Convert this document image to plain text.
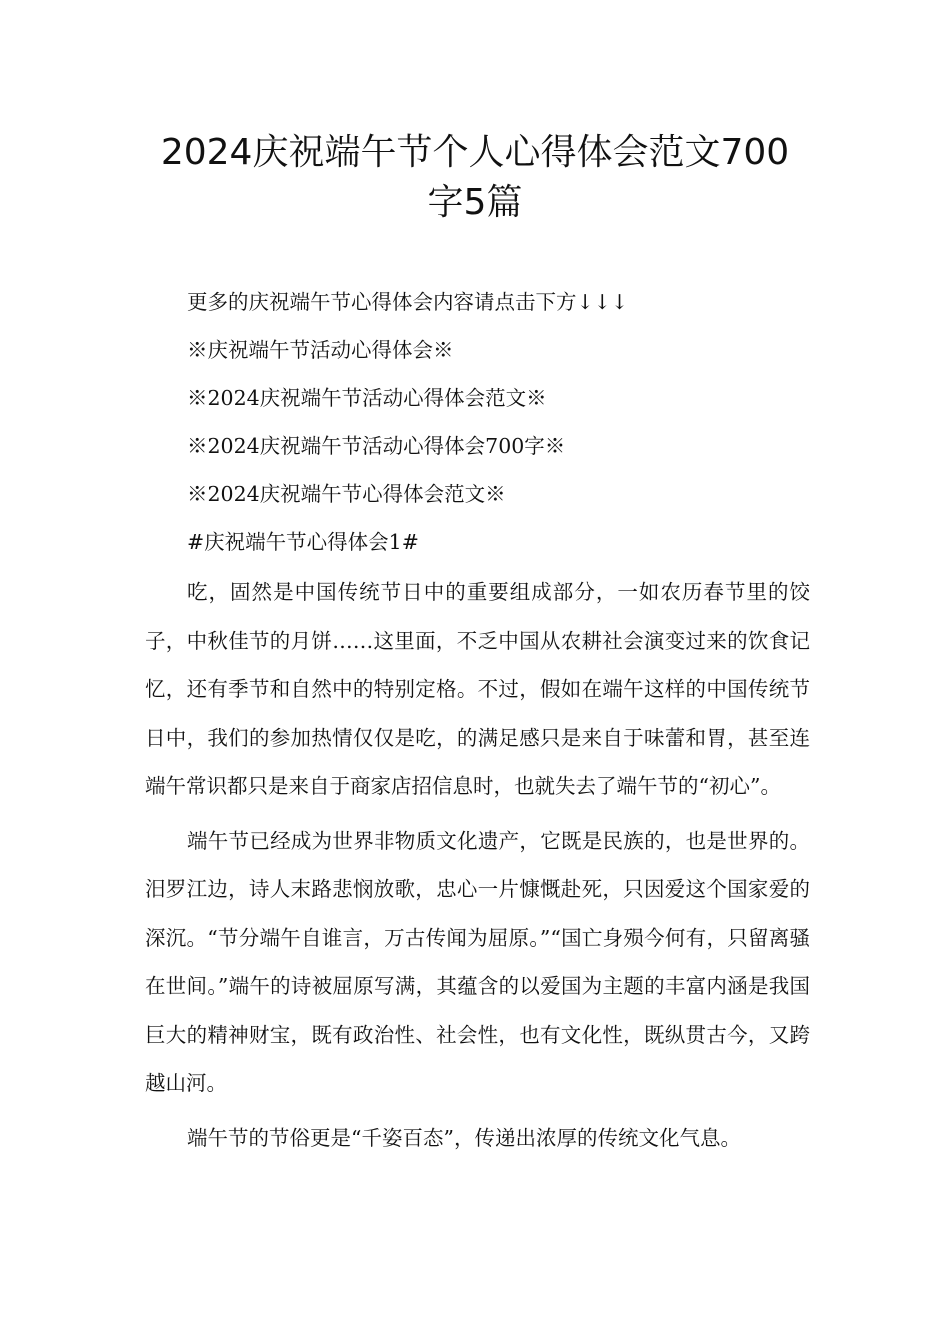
2024庆祝端午节个人心得体会范文700
字5篇
更多的庆祝端午节心得体会内容请点击下方↓↓↓
※庆祝端午节活动心得体会※
※2024庆祝端午节活动心得体会范文※
※2024庆祝端午节活动心得体会700字※
※2024庆祝端午节心得体会范文※
#庆祝端午节心得体会1#

吃，固然是中国传统节日中的重要组成部分，一如农历春节里的饺子，中秋佳节的月饼……这里面，不乏中国从农耕社会演变过来的饮食记忆，还有季节和自然中的特别定格。不过，假如在端午这样的中国传统节日中，我们的参加热情仅仅是吃，的满足感只是来自于味蕾和胃，甚至连端午常识都只是来自于商家店招信息时，也就失去了端午节的“初心”。

端午节已经成为世界非物质文化遗产，它既是民族的，也是世界的。汨罗江边，诗人末路悲悯放歌，忠心一片慷慨赴死，只因爱这个国家爱的深沉。“节分端午自谁言，万古传闻为屈原。”“国亡身殒今何有，只留离骚在世间。”端午的诗被屈原写满，其蕴含的以爱国为主题的丰富内涵是我国巨大的精神财宝，既有政治性、社会性，也有文化性，既纵贯古今，又跨越山河。

端午节的节俗更是“千姿百态”，传递出浓厚的传统文化气息。
